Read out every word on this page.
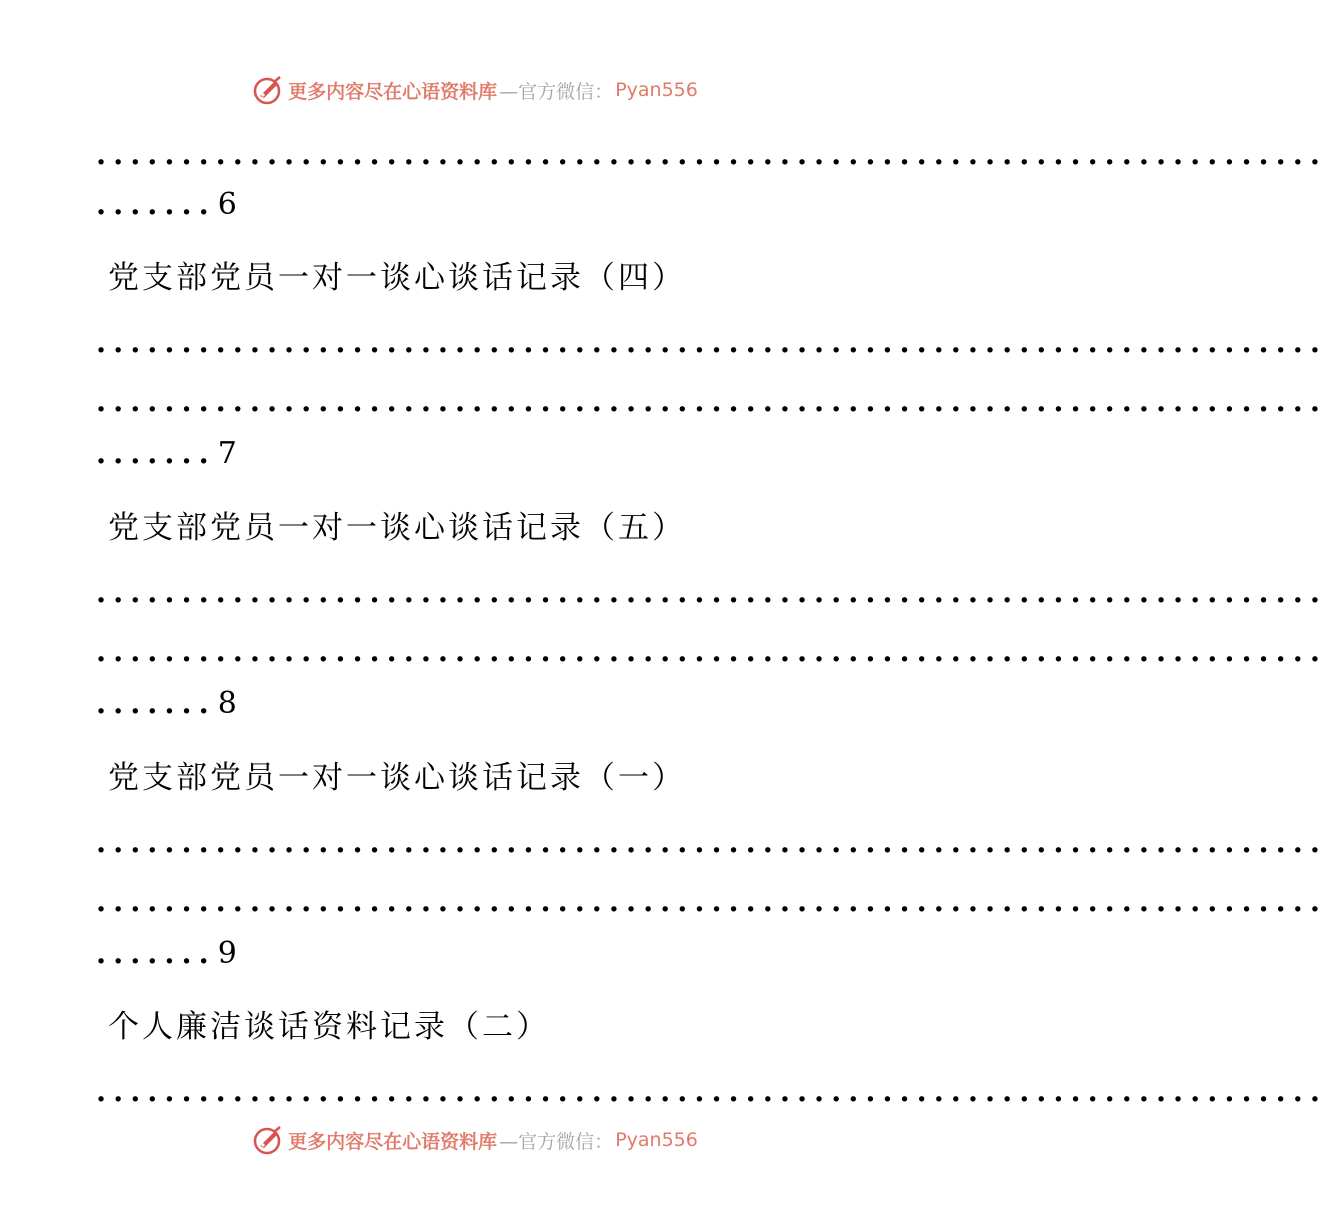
更多内容尽在心语资料库 —官方微信： Pyan556
........................................................................
.......6
党支部党员一对一谈心谈话记录（四）
........................................................................
........................................................................
.......7
党支部党员一对一谈心谈话记录（五）
........................................................................
........................................................................
.......8
党支部党员一对一谈心谈话记录（一）
........................................................................
........................................................................
.......9
个人廉洁谈话资料记录（二）
........................................................................
更多内容尽在心语资料库 —官方微信： Pyan556
